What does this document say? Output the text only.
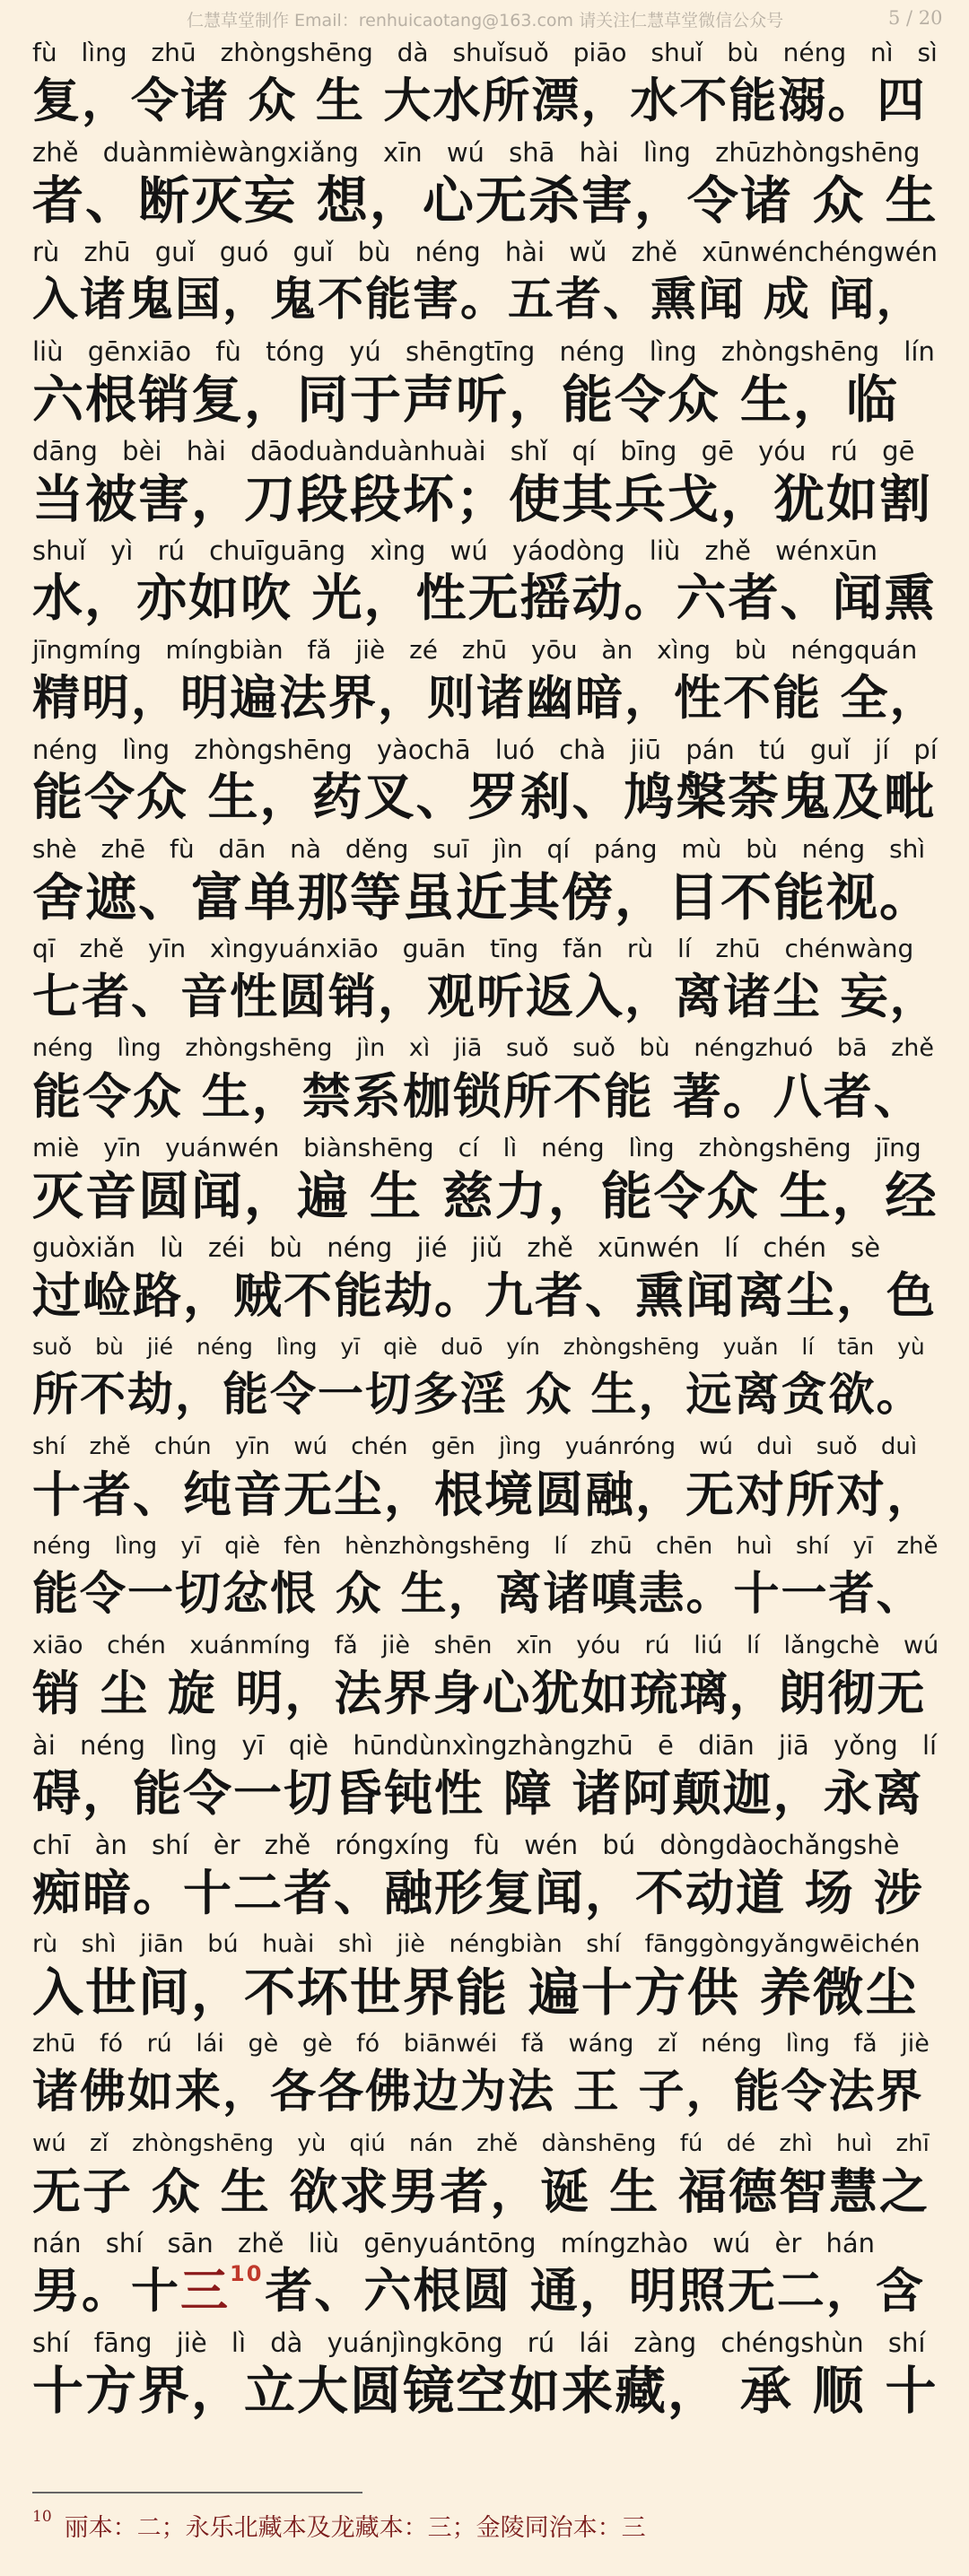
仁慧草堂制作 Email：renhuicaotang@163.com 请关注仁慧草堂微信公众号	5 / 20
fù lìng zhū zhòngshēng dà shuǐsuǒ piāo shuǐ bù néng nì sì
复，令诸 众 生 大水所漂，水不能溺。四
zhě duànmièwàngxiǎng xīn wú shā hài lìng zhūzhòngshēng
者、断灭妄 想，心无杀害，令诸 众 生
rù zhū guǐ guó guǐ bù néng hài wǔ zhě xūnwénchéngwén
入诸鬼国，鬼不能害。五者、熏闻 成 闻，
liù gēnxiāo fù tóng yú shēngtīng néng lìng zhòngshēng lín
六根销复，同于声听，能令众 生，临
dāng bèi hài dāoduànduànhuài shǐ qí bīng gē yóu rú gē
当被害，刀段段坏；使其兵戈，犹如割
shuǐ yì rú chuīguāng xìng wú yáodòng liù zhě wénxūn
水，亦如吹 光，性无摇动。六者、闻熏
jīngmíng míngbiàn fǎ jiè zé zhū yōu àn xìng bù néngquán
精明，明遍法界，则诸幽暗，性不能 全，
néng lìng zhòngshēng yàochā luó chà jiū pán tú guǐ jí pí
能令众 生，药叉、罗刹、鸠槃荼鬼及毗
shè zhē fù dān nà děng suī jìn qí páng mù bù néng shì
舍遮、富单那等虽近其傍，目不能视。
qī zhě yīn xìngyuánxiāo guān tīng fǎn rù lí zhū chénwàng
七者、音性圆销，观听返入，离诸尘 妄，
néng lìng zhòngshēng jìn xì jiā suǒ suǒ bù néngzhuó bā zhě
能令众 生，禁系枷锁所不能 著。八者、
miè yīn yuánwén biànshēng cí lì néng lìng zhòngshēng jīng
灭音圆闻，遍 生 慈力，能令众 生，经
guòxiǎn lù zéi bù néng jié jiǔ zhě xūnwén lí chén sè
过崄路，贼不能劫。九者、熏闻离尘，色
suǒ bù jié néng lìng yī qiè duō yín zhòngshēng yuǎn lí tān yù
所不劫，能令一切多淫 众 生，远离贪欲。
shí zhě chún yīn wú chén gēn jìng yuánróng wú duì suǒ duì
十者、纯音无尘，根境圆融，无对所对，
néng lìng yī qiè fèn hènzhòngshēng lí zhū chēn huì shí yī zhě
能令一切忿恨 众 生，离诸嗔恚。十一者、
xiāo chén xuánmíng fǎ jiè shēn xīn yóu rú liú lí lǎngchè wú
销 尘 旋 明，法界身心犹如琉璃，朗彻无
ài néng lìng yī qiè hūndùnxìngzhàngzhū ē diān jiā yǒng lí
碍，能令一切昏钝性 障 诸阿颠迦，永离
chī àn shí èr zhě róngxíng fù wén bú dòngdàochǎngshè
痴暗。十二者、融形复闻，不动道 场 涉
rù shì jiān bú huài shì jiè néngbiàn shí fānggòngyǎngwēichén
入世间，不坏世界能 遍十方供 养微尘
zhū fó rú lái gè gè fó biānwéi fǎ wáng zǐ néng lìng fǎ jiè
诸佛如来，各各佛边为法 王 子，能令法界
wú zǐ zhòngshēng yù qiú nán zhě dànshēng fú dé zhì huì zhī
无子 众 生 欲求男者，诞 生 福德智慧之
nán shí sān zhě liù gēnyuántōng míngzhào wú èr hán
男。十三$^{10}$者、六根圆 通，明照无二，含
shí fāng jiè lì dà yuánjìngkōng rú lái zàng chéngshùn shí
十方界，立大圆镜空如来藏， 承 顺 十
$^{10}$ 丽本：二；永乐北藏本及龙藏本：三；金陵同治本：三
